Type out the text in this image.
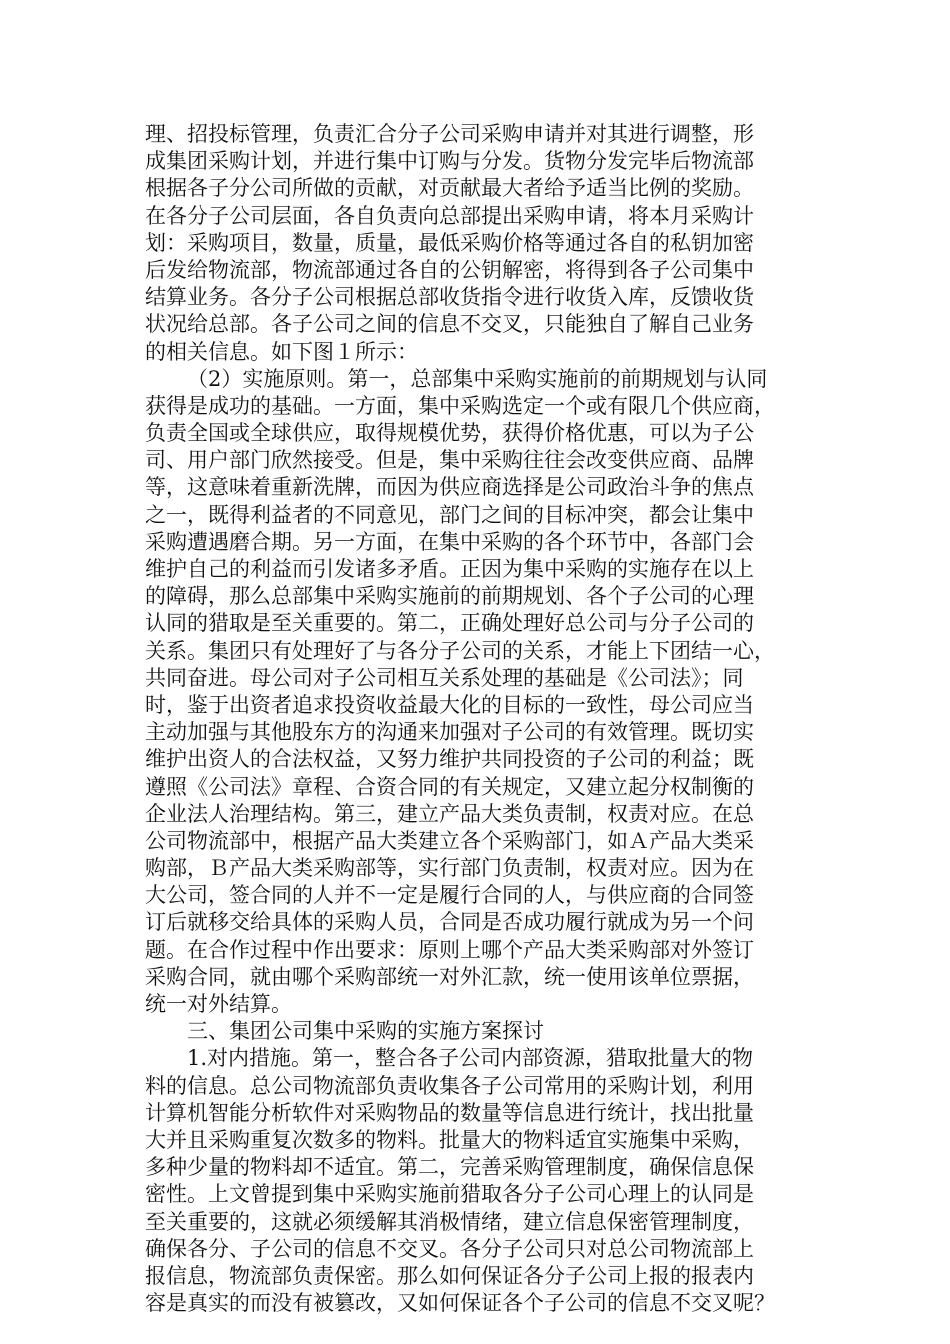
理、招投标管理，负责汇合分子公司采购申请并对其进行调整，形
成集团采购计划，并进行集中订购与分发。货物分发完毕后物流部
根据各子分公司所做的贡献，对贡献最大者给予适当比例的奖励。
在各分子公司层面，各自负责向总部提出采购申请，将本月采购计
划：采购项目，数量，质量，最低采购价格等通过各自的私钥加密
后发给物流部，物流部通过各自的公钥解密，将得到各子公司集中
结算业务。各分子公司根据总部收货指令进行收货入库，反馈收货
状况给总部。各子公司之间的信息不交叉，只能独自了解自己业务
的相关信息。如下图１所示：
（2）实施原则。第一，总部集中采购实施前的前期规划与认同
获得是成功的基础。一方面，集中采购选定一个或有限几个供应商，
负责全国或全球供应，取得规模优势，获得价格优惠，可以为子公
司、用户部门欣然接受。但是，集中采购往往会改变供应商、品牌
等，这意味着重新洗牌，而因为供应商选择是公司政治斗争的焦点
之一，既得利益者的不同意见，部门之间的目标冲突，都会让集中
采购遭遇磨合期。另一方面，在集中采购的各个环节中，各部门会
维护自己的利益而引发诸多矛盾。正因为集中采购的实施存在以上
的障碍，那么总部集中采购实施前的前期规划、各个子公司的心理
认同的猎取是至关重要的。第二，正确处理好总公司与分子公司的
关系。集团只有处理好了与各分子公司的关系，才能上下团结一心，
共同奋进。母公司对子公司相互关系处理的基础是《公司法》；同
时，鉴于出资者追求投资收益最大化的目标的一致性，母公司应当
主动加强与其他股东方的沟通来加强对子公司的有效管理。既切实
维护出资人的合法权益，又努力维护共同投资的子公司的利益；既
遵照《公司法》章程、合资合同的有关规定，又建立起分权制衡的
企业法人治理结构。第三，建立产品大类负责制，权责对应。在总
公司物流部中，根据产品大类建立各个采购部门，如Ａ产品大类采
购部，Ｂ产品大类采购部等，实行部门负责制，权责对应。因为在
大公司，签合同的人并不一定是履行合同的人，与供应商的合同签
订后就移交给具体的采购人员，合同是否成功履行就成为另一个问
题。在合作过程中作出要求：原则上哪个产品大类采购部对外签订
采购合同，就由哪个采购部统一对外汇款，统一使用该单位票据，
统一对外结算。
三、集团公司集中采购的实施方案探讨
1.对内措施。第一，整合各子公司内部资源，猎取批量大的物
料的信息。总公司物流部负责收集各子公司常用的采购计划，利用
计算机智能分析软件对采购物品的数量等信息进行统计，找出批量
大并且采购重复次数多的物料。批量大的物料适宜实施集中采购，
多种少量的物料却不适宜。第二，完善采购管理制度，确保信息保
密性。上文曾提到集中采购实施前猎取各分子公司心理上的认同是
至关重要的，这就必须缓解其消极情绪，建立信息保密管理制度，
确保各分、子公司的信息不交叉。各分子公司只对总公司物流部上
报信息，物流部负责保密。那么如何保证各分子公司上报的报表内
容是真实的而没有被篡改，又如何保证各个子公司的信息不交叉呢？
